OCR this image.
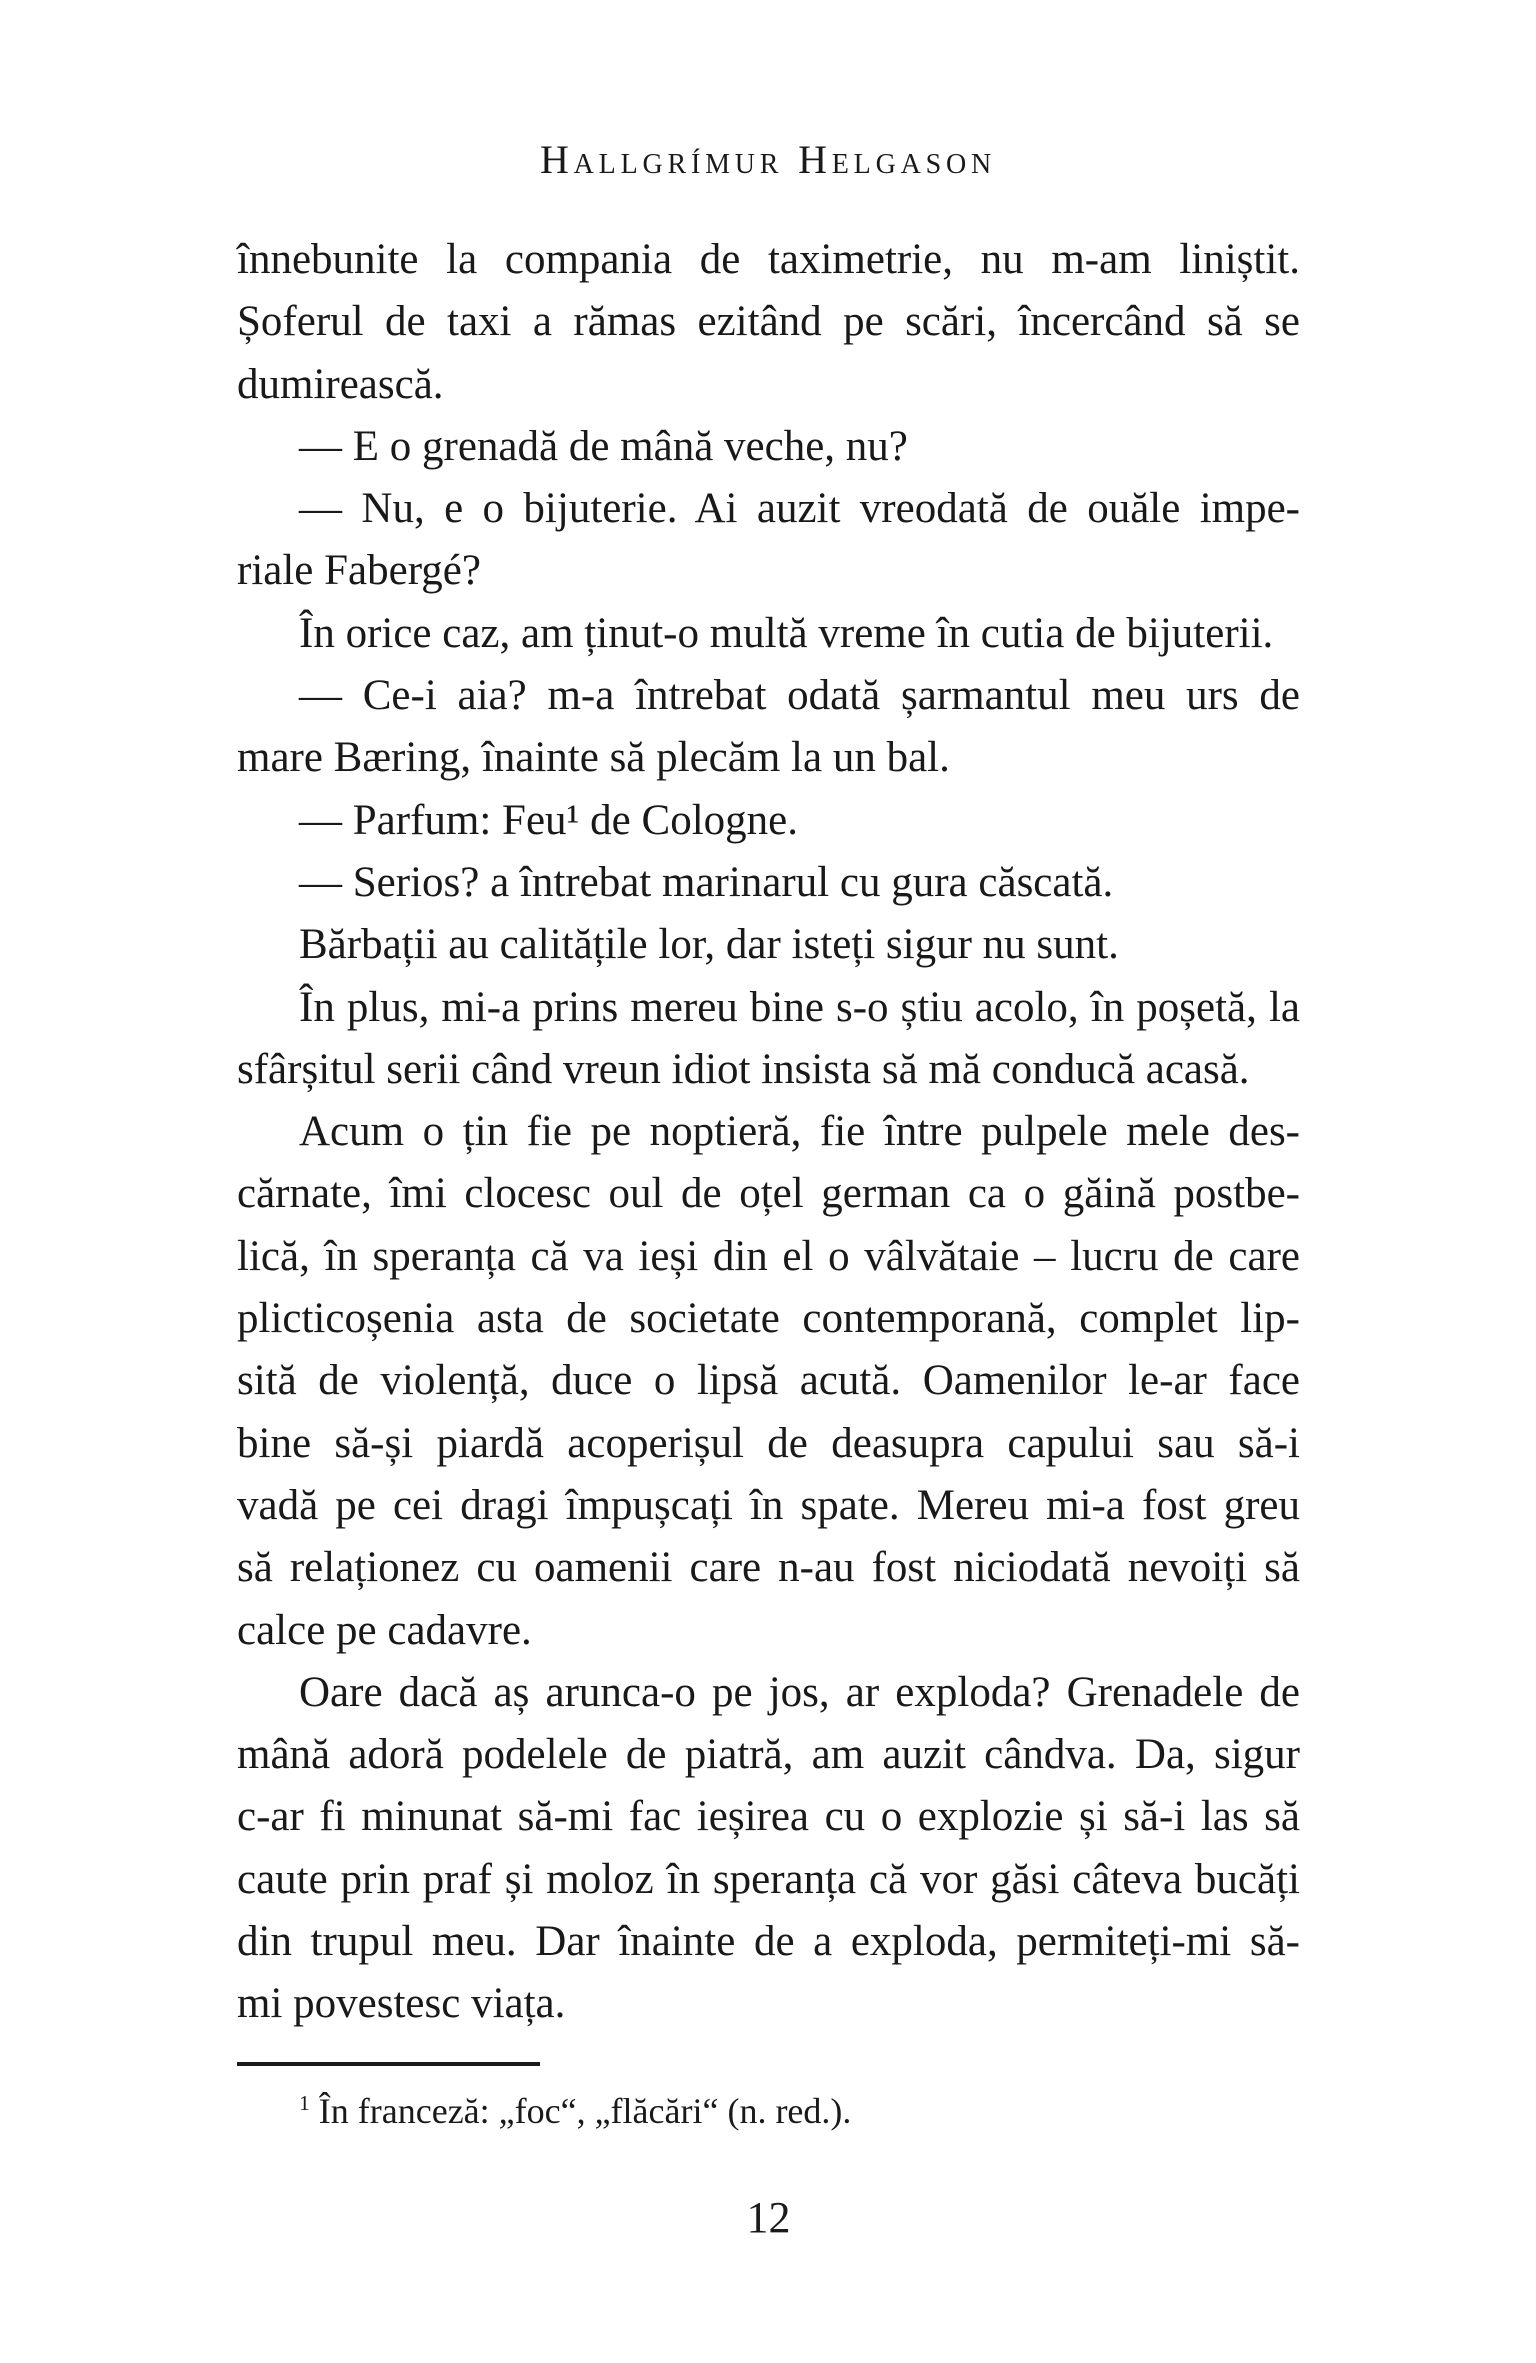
Hallgrímur Helgason
înnebunite la compania de taximetrie, nu m-am liniștit.
Șoferul de taxi a rămas ezitând pe scări, încercând să se
dumirească.
— E o grenadă de mână veche, nu?
— Nu, e o bijuterie. Ai auzit vreodată de ouăle impe-
riale Fabergé?
În orice caz, am ținut-o multă vreme în cutia de bijuterii.
— Ce-i aia? m-a întrebat odată șarmantul meu urs de
mare Bæring, înainte să plecăm la un bal.
— Parfum: Feu¹ de Cologne.
— Serios? a întrebat marinarul cu gura căscată.
Bărbații au calitățile lor, dar isteți sigur nu sunt.
În plus, mi-a prins mereu bine s-o știu acolo, în poșetă, la
sfârșitul serii când vreun idiot insista să mă conducă acasă.
Acum o țin fie pe noptieră, fie între pulpele mele des-
cărnate, îmi clocesc oul de oțel german ca o găină postbe-
lică, în speranța că va ieși din el o vâlvătaie – lucru de care
plicticoșenia asta de societate contemporană, complet lip-
sită de violență, duce o lipsă acută. Oamenilor le-ar face
bine să-și piardă acoperișul de deasupra capului sau să-i
vadă pe cei dragi împușcați în spate. Mereu mi-a fost greu
să relaționez cu oamenii care n-au fost niciodată nevoiți să
calce pe cadavre.
Oare dacă aș arunca-o pe jos, ar exploda? Grenadele de
mână adoră podelele de piatră, am auzit cândva. Da, sigur
c-ar fi minunat să-mi fac ieșirea cu o explozie și să-i las să
caute prin praf și moloz în speranța că vor găsi câteva bucăți
din trupul meu. Dar înainte de a exploda, permiteți-mi să-
mi povestesc viața.
$^1$ În franceză: „foc“, „flăcări“ (n. red.).
12
